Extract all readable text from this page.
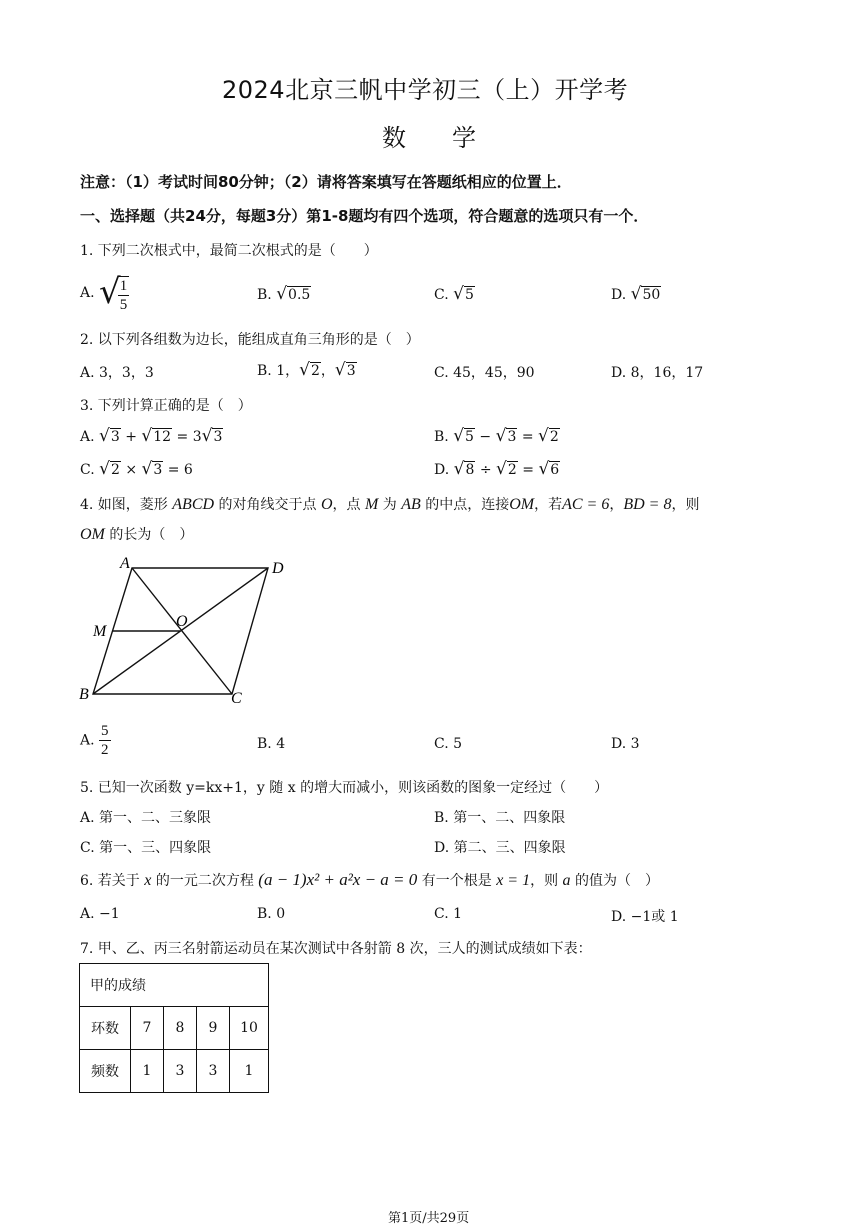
2024北京三帆中学初三（上）开学考
数学
注意：（1）考试时间80分钟；（2）请将答案填写在答题纸相应的位置上．
一、选择题（共24分，每题3分）第1-8题均有四个选项，符合题意的选项只有一个．
1. 下列二次根式中，最简二次根式的是（　　）
A. √
$\frac{1}{5}$	B. √0.5	C. √5	D. √50
2. 以下列各组数为边长，能组成直角三角形的是（　）
A. 3，3，3	B. 1，√2，√3	C. 45，45，90	D. 8，16，17
3. 下列计算正确的是（　）
A. √3 + √12 = 3√3	B. √5 − √3 = √2
C. √2 × √3 = 6	D. √8 ÷ √2 = √6
4. 如图，菱形 ABCD 的对角线交于点 O，点 M 为 AB 的中点，连接OM，若AC = 6，BD = 8，则
OM 的长为（　）
A	D
M
O
B	C
A. $\frac{5}{2}$	B. 4	C. 5	D. 3
5. 已知一次函数 y=kx+1，y 随 x 的增大而减小，则该函数的图象一定经过（　　）
A. 第一、二、三象限	B. 第一、二、四象限
C. 第一、三、四象限	D. 第二、三、四象限
6. 若关于 x 的一元二次方程 (a − 1)x² + a²x − a = 0 有一个根是 x = 1，则 a 的值为（　）
A. −1	B. 0	C. 1	D. −1或 1
7. 甲、乙、丙三名射箭运动员在某次测试中各射箭 8 次，三人的测试成绩如下表：
甲的成绩				
环数	7	8	9	10
频数	1	3	3	1
第1页/共29页
